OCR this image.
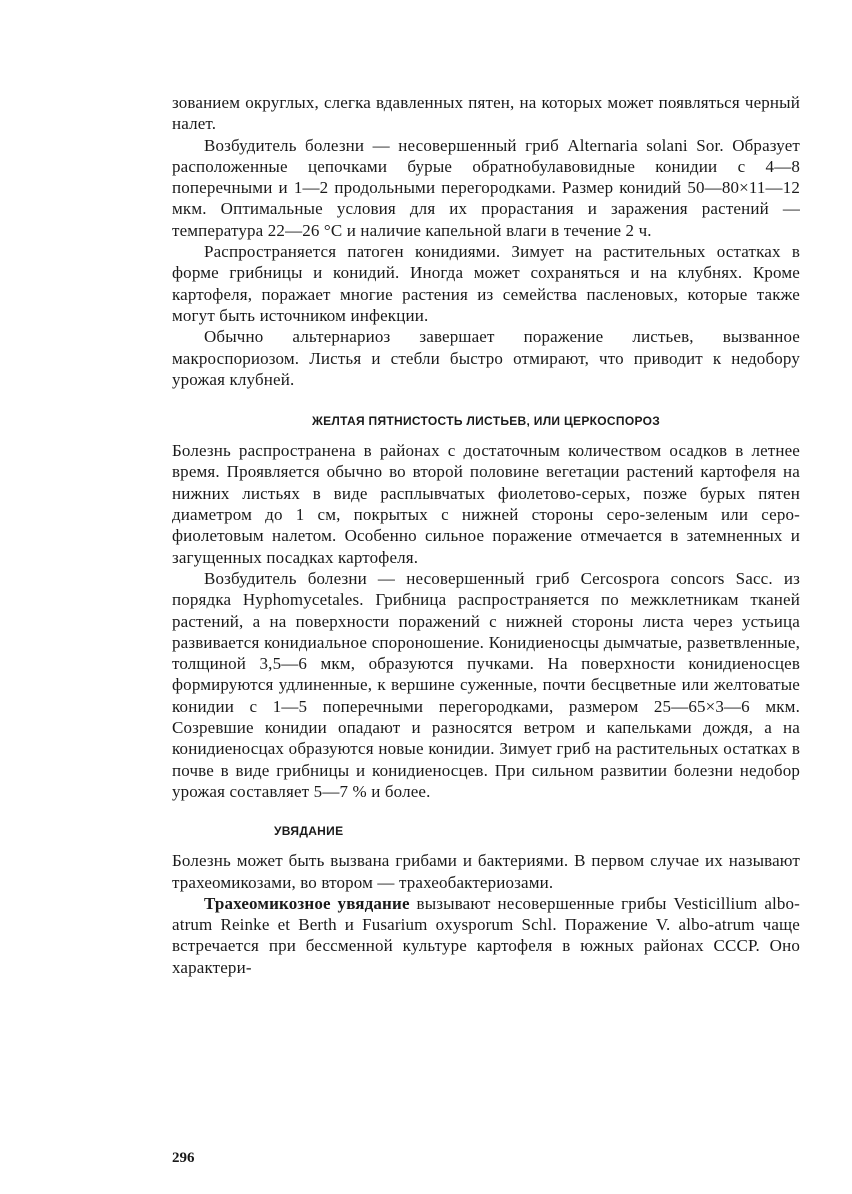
зованием округлых, слегка вдавленных пятен, на которых может появляться черный налет.

Возбудитель болезни — несовершенный гриб Alternaria solani Sor. Образует расположенные цепочками бурые обратнобулавовидные конидии с 4—8 поперечными и 1—2 продольными перегородками. Размер конидий 50—80×11—12 мкм. Оптимальные условия для их прорастания и заражения растений — температура 22—26 °С и наличие капельной влаги в течение 2 ч.

Распространяется патоген конидиями. Зимует на растительных остатках в форме грибницы и конидий. Иногда может сохраняться и на клубнях. Кроме картофеля, поражает многие растения из семейства пасленовых, которые также могут быть источником инфекции.

Обычно альтернариоз завершает поражение листьев, вызванное макроспориозом. Листья и стебли быстро отмирают, что приводит к недобору урожая клубней.

ЖЕЛТАЯ ПЯТНИСТОСТЬ ЛИСТЬЕВ, ИЛИ ЦЕРКОСПОРОЗ

Болезнь распространена в районах с достаточным количеством осадков в летнее время. Проявляется обычно во второй половине вегетации растений картофеля на нижних листьях в виде расплывчатых фиолетово-серых, позже бурых пятен диаметром до 1 см, покрытых с нижней стороны серо-зеленым или серо-фиолетовым налетом. Особенно сильное поражение отмечается в затемненных и загущенных посадках картофеля.

Возбудитель болезни — несовершенный гриб Cercospora concors Sacc. из порядка Hyphomycetales. Грибница распространяется по межклетникам тканей растений, а на поверхности поражений с нижней стороны листа через устьица развивается конидиальное спороношение. Конидиеносцы дымчатые, разветвленные, толщиной 3,5—6 мкм, образуются пучками. На поверхности конидиеносцев формируются удлиненные, к вершине суженные, почти бесцветные или желтоватые конидии с 1—5 поперечными перегородками, размером 25—65×3—6 мкм. Созревшие конидии опадают и разносятся ветром и капельками дождя, а на конидиеносцах образуются новые конидии. Зимует гриб на растительных остатках в почве в виде грибницы и конидиеносцев. При сильном развитии болезни недобор урожая составляет 5—7 % и более.

УВЯДАНИЕ

Болезнь может быть вызвана грибами и бактериями. В первом случае их называют трахеомикозами, во втором — трахеобактериозами.

Трахеомикозное увядание вызывают несовершенные грибы Vesticillium albo-atrum Reinke et Berth и Fusarium oxysporum Schl. Поражение V. albo-atrum чаще встречается при бессменной культуре картофеля в южных районах СССР. Оно характери-

296
